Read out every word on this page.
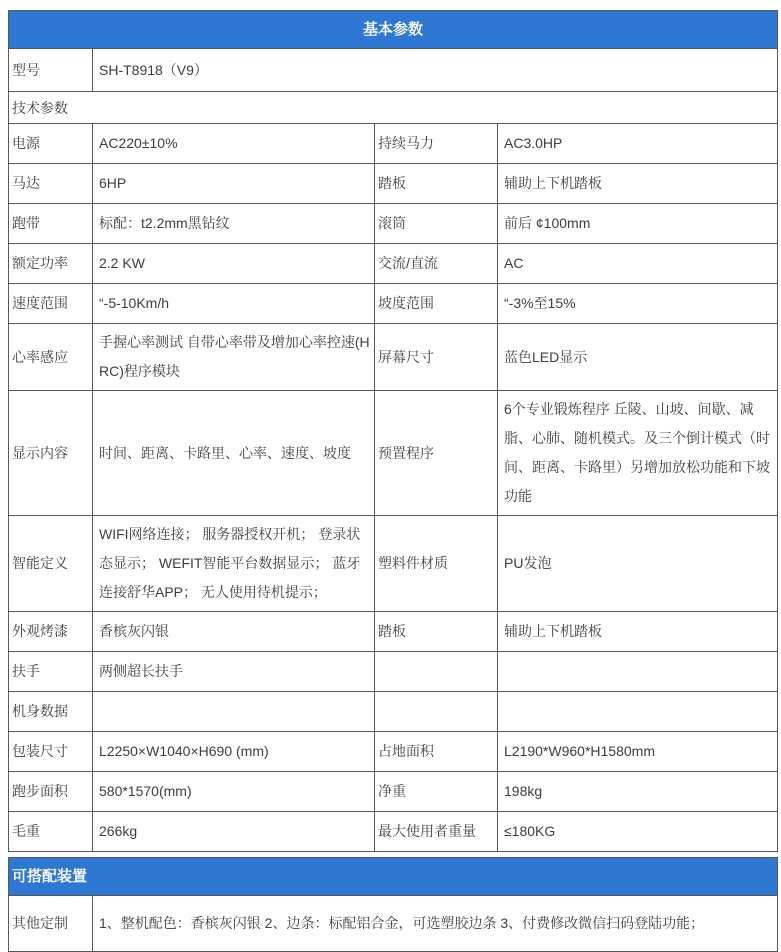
基本参数			
型号	SH-T8918（V9）		
技术参数			
电源	AC220±10%	持续马力	AC3.0HP
马达	6HP	踏板	辅助上下机踏板
跑带	标配：t2.2mm黑钻纹	滚筒	前后 ¢100mm
额定功率	2.2 KW	交流/直流	AC
速度范围	“-5-10Km/h	坡度范围	“-3%至15%
心率感应	手握心率测试 自带心率带及增加心率控速(HRC)程序模块	屏幕尺寸	蓝色LED显示
显示内容	时间、距离、卡路里、心率、速度、坡度	预置程序	6个专业锻炼程序 丘陵、山坡、间歇、减脂、心肺、随机模式。及三个倒计模式（时间、距离、卡路里）另增加放松功能和下坡功能
智能定义	WIFI网络连接； 服务器授权开机； 登录状态显示； WEFIT智能平台数据显示； 蓝牙连接舒华APP； 无人使用待机提示；	塑料件材质	PU发泡
外观烤漆	香槟灰闪银	踏板	辅助上下机踏板
扶手	两侧超长扶手		
机身数据			
包装尺寸	L2250×W1040×H690 (mm)	占地面积	L2190*W960*H1580mm
跑步面积	580*1570(mm)	净重	198kg
毛重	266kg	最大使用者重量	≤180KG
可搭配装置
其他定制	1、整机配色：香槟灰闪银 2、边条：标配铝合金，可选塑胶边条 3、付费修改微信扫码登陆功能；
